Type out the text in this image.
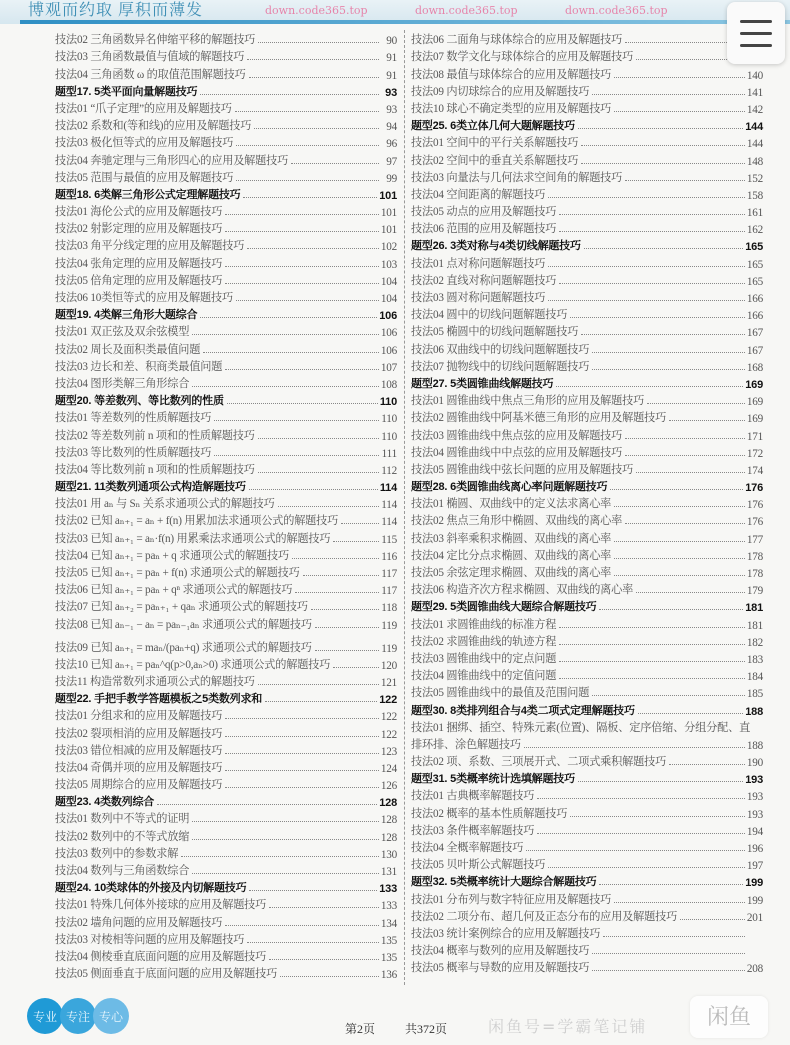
博观而约取 厚积而薄发
技法02 三角函数异名伸缩平移的解题技巧	90
技法03 三角函数最值与值域的解题技巧	91
技法04 三角函数 ω 的取值范围解题技巧	91
题型17. 5类平面向量解题技巧	93
技法01 “爪子定理”的应用及解题技巧	93
技法02 系数和(等和线)的应用及解题技巧	94
技法03 极化恒等式的应用及解题技巧	96
技法04 奔驰定理与三角形四心的应用及解题技巧	97
技法05 范围与最值的应用及解题技巧	99
题型18. 6类解三角形公式定理解题技巧	101
技法01 海伦公式的应用及解题技巧	101
技法02 射影定理的应用及解题技巧	101
技法03 角平分线定理的应用及解题技巧	102
技法04 张角定理的应用及解题技巧	103
技法05 倍角定理的应用及解题技巧	104
技法06 10类恒等式的应用及解题技巧	104
题型19. 4类解三角形大题综合	106
技法01 双正弦及双余弦模型	106
技法02 周长及面积类最值问题	106
技法03 边长和差、积商类最值问题	107
技法04 图形类解三角形综合	108
题型20. 等差数列、等比数列的性质	110
技法01 等差数列的性质解题技巧	110
技法02 等差数列前 n 项和的性质解题技巧	110
技法03 等比数列的性质解题技巧	111
技法04 等比数列前 n 项和的性质解题技巧	112
题型21. 11类数列通项公式构造解题技巧	114
技法01 用 aₙ 与 Sₙ 关系求通项公式的解题技巧	114
技法02 已知 aₙ₊₁ = aₙ + f(n) 用累加法求通项公式的解题技巧	114
技法03 已知 aₙ₊₁ = aₙ·f(n) 用累乘法求通项公式的解题技巧	115
技法04 已知 aₙ₊₁ = paₙ + q 求通项公式的解题技巧	116
技法05 已知 aₙ₊₁ = paₙ + f(n) 求通项公式的解题技巧	117
技法06 已知 aₙ₊₁ = paₙ + qⁿ 求通项公式的解题技巧	117
技法07 已知 aₙ₊₂ = paₙ₊₁ + qaₙ 求通项公式的解题技巧	118
技法08 已知 aₙ₋₁ − aₙ = paₙ₋₁aₙ 求通项公式的解题技巧	119
技法09 已知 aₙ₊₁ = maₙ/(paₙ+q) 求通项公式的解题技巧	119
技法10 已知 aₙ₊₁ = paₙ^q(p>0,aₙ>0) 求通项公式的解题技巧	120
技法11 构造常数列求通项公式的解题技巧	121
题型22. 手把手教学答题模板之5类数列求和	122
技法01 分组求和的应用及解题技巧	122
技法02 裂项相消的应用及解题技巧	122
技法03 错位相减的应用及解题技巧	123
技法04 奇偶并项的应用及解题技巧	124
技法05 周期综合的应用及解题技巧	126
题型23. 4类数列综合	128
技法01 数列中不等式的证明	128
技法02 数列中的不等式放缩	128
技法03 数列中的参数求解	130
技法04 数列与三角函数综合	131
题型24. 10类球体的外接及内切解题技巧	133
技法01 特殊几何体外接球的应用及解题技巧	133
技法02 墙角问题的应用及解题技巧	134
技法03 对棱相等问题的应用及解题技巧	135
技法04 侧棱垂直底面问题的应用及解题技巧	135
技法05 侧面垂直于底面问题的应用及解题技巧	136
技法06 二面角与球体综合的应用及解题技巧
技法07 数学文化与球体综合的应用及解题技巧
技法08 最值与球体综合的应用及解题技巧	140
技法09 内切球综合的应用及解题技巧	141
技法10 球心不确定类型的应用及解题技巧	142
题型25. 6类立体几何大题解题技巧	144
技法01 空间中的平行关系解题技巧	144
技法02 空间中的垂直关系解题技巧	148
技法03 向量法与几何法求空间角的解题技巧	152
技法04 空间距离的解题技巧	158
技法05 动点的应用及解题技巧	161
技法06 范围的应用及解题技巧	162
题型26. 3类对称与4类切线解题技巧	165
技法01 点对称问题解题技巧	165
技法02 直线对称问题解题技巧	165
技法03 圆对称问题解题技巧	166
技法04 圆中的切线问题解题技巧	166
技法05 椭圆中的切线问题解题技巧	167
技法06 双曲线中的切线问题解题技巧	167
技法07 抛物线中的切线问题解题技巧	168
题型27. 5类圆锥曲线解题技巧	169
技法01 圆锥曲线中焦点三角形的应用及解题技巧	169
技法02 圆锥曲线中阿基米德三角形的应用及解题技巧	169
技法03 圆锥曲线中焦点弦的应用及解题技巧	171
技法04 圆锥曲线中中点弦的应用及解题技巧	172
技法05 圆锥曲线中弦长问题的应用及解题技巧	174
题型28. 6类圆锥曲线离心率问题解题技巧	176
技法01 椭圆、双曲线中的定义法求离心率	176
技法02 焦点三角形中椭圆、双曲线的离心率	176
技法03 斜率乘积求椭圆、双曲线的离心率	177
技法04 定比分点求椭圆、双曲线的离心率	178
技法05 余弦定理求椭圆、双曲线的离心率	178
技法06 构造齐次方程求椭圆、双曲线的离心率	179
题型29. 5类圆锥曲线大题综合解题技巧	181
技法01 求圆锥曲线的标准方程	181
技法02 求圆锥曲线的轨迹方程	182
技法03 圆锥曲线中的定点问题	183
技法04 圆锥曲线中的定值问题	184
技法05 圆锥曲线中的最值及范围问题	185
题型30. 8类排列组合与4类二项式定理解题技巧	188
技法01 捆绑、插空、特殊元素(位置)、隔板、定序倍缩、分组分配、直
排环排、涂色解题技巧	188
技法02 项、系数、三项展开式、二项式乘积解题技巧	190
题型31. 5类概率统计选填解题技巧	193
技法01 古典概率解题技巧	193
技法02 概率的基本性质解题技巧	193
技法03 条件概率解题技巧	194
技法04 全概率解题技巧	196
技法05 贝叶斯公式解题技巧	197
题型32. 5类概率统计大题综合解题技巧	199
技法01 分布列与数字特征应用及解题技巧	199
技法02 二项分布、超几何及正态分布的应用及解题技巧	201
技法03 统计案例综合的应用及解题技巧
技法04 概率与数列的应用及解题技巧
技法05 概率与导数的应用及解题技巧	208
专业 专注 专心
第2页 共372页
down.code365.top	down.code365.top	down.code365.top
闲鱼
闲鱼号=学霸笔记铺
